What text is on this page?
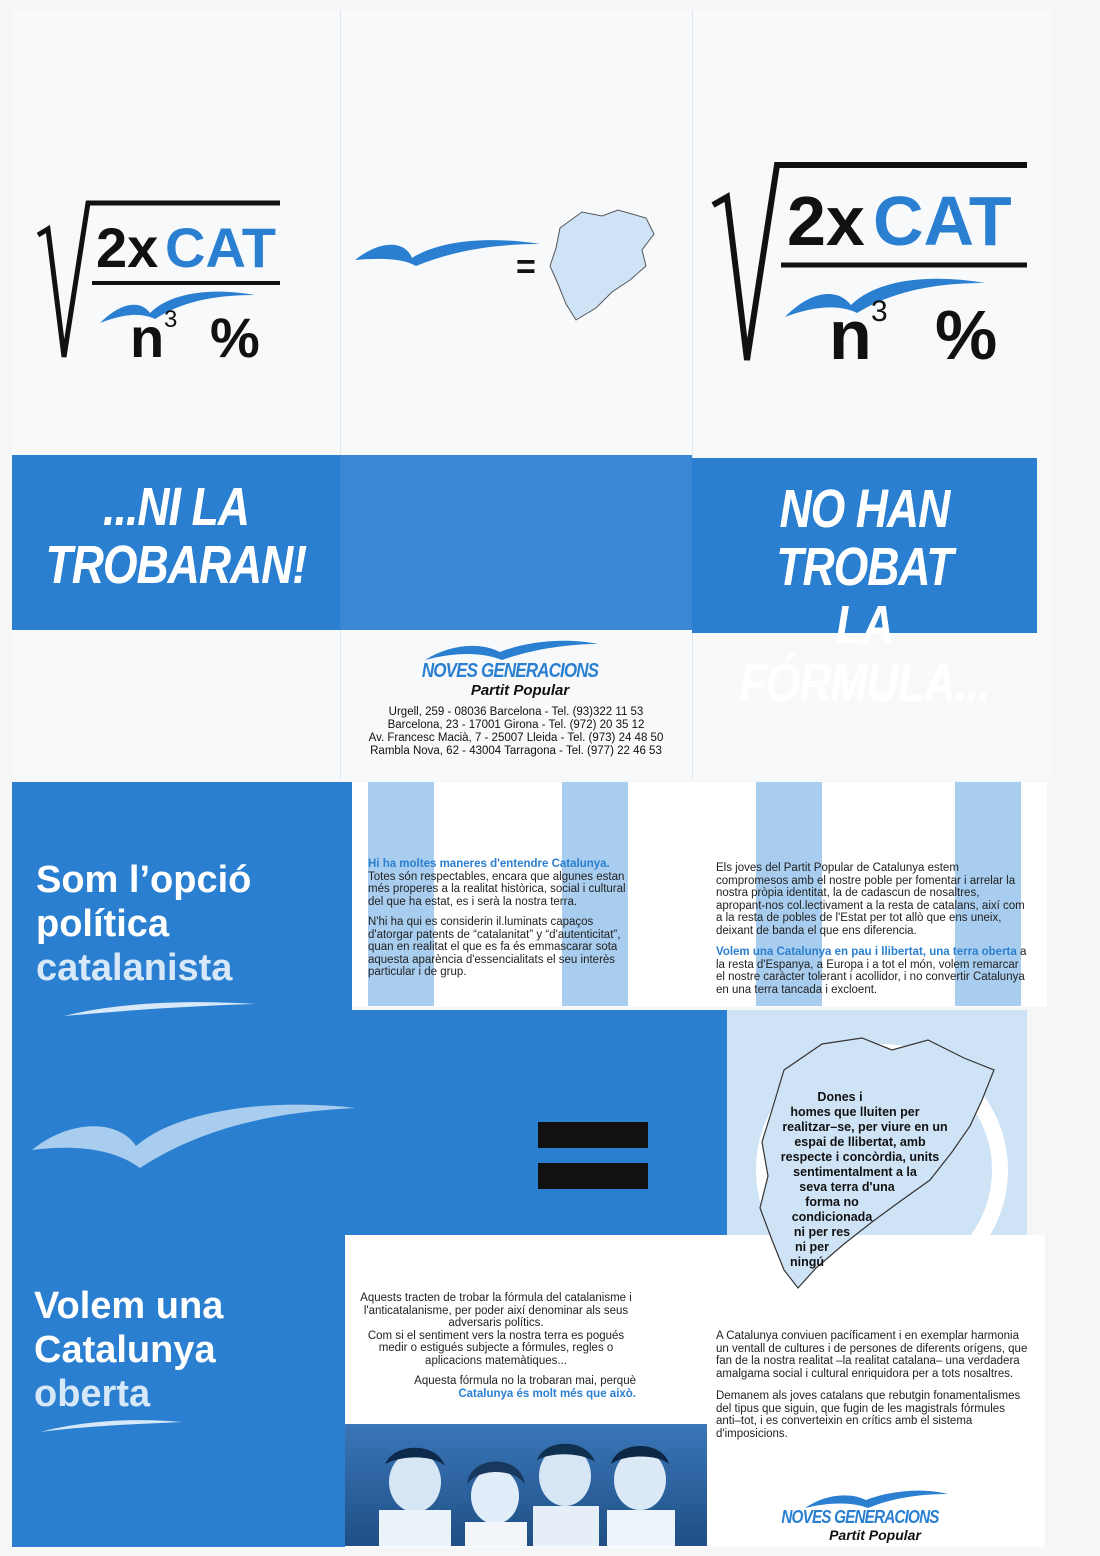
2x CAT
n 3 %
=
2x CAT
n 3 %
...NI LA
TROBARAN!
NO HAN TROBAT
LA FÓRMULA...
NOVES GENERACIONS
Partit Popular
Urgell, 259 - 08036 Barcelona - Tel. (93)322 11 53
Barcelona, 23 - 17001 Girona - Tel. (972) 20 35 12
Av. Francesc Macià, 7 - 25007 Lleida - Tel. (973) 24 48 50
Rambla Nova, 62 - 43004 Tarragona - Tel. (977) 22 46 53
Som l’opció
política
catalanista
Volem una
Catalunya
oberta

Hi ha moltes maneres d'entendre Catalunya. Totes són respectables, encara que algunes estan més properes a la realitat històrica, social i cultural del que ha estat, es i serà la nostra terra.

N'hi ha qui es considerin il.luminats capaços d'atorgar patents de “catalanitat” y “d'autenticitat”, quan en realitat el que es fa és emmascarar sota aquesta aparència d'essencialitats el seu interès particular i de grup.

Els joves del Partit Popular de Catalunya estem compromesos amb el nostre poble per fomentar i arrelar la nostra pròpia identitat, la de cadascun de nosaltres, apropant-nos col.lectivament a la resta de catalans, així com a la resta de pobles de l'Estat per tot allò que ens uneix, deixant de banda el que ens diferencia.

Volem una Catalunya en pau i llibertat, una terra oberta a la resta d'Espanya, a Europa i a tot el món, volem remarcar el nostre caràcter tolerant i acollidor, i no convertir Catalunya en una terra tancada i excloent.

Dones i
homes que lluiten per
realitzar–se, per viure en un
espai de llibertat, amb
respecte i concòrdia, units
sentimentalment a la
seva terra d'una
forma no
condicionada
ni per res
ni per
ningú

Aquests tracten de trobar la fórmula del catalanisme i l'anticatalanisme, per poder així denominar als seus adversaris polítics.

Com si el sentiment vers la nostra terra es pogués medir o estigués subjecte a fórmules, regles o aplicacions matemàtiques...

Aquesta fórmula no la trobaran mai, perquè
Catalunya és molt més que això.

A Catalunya conviuen pacíficament i en exemplar harmonia un ventall de cultures i de persones de diferents orígens, que fan de la nostra realitat –la realitat catalana– una verdadera amalgama social i cultural enriquidora per a tots nosaltres.

Demanem als joves catalans que rebutgin fonamentalismes del tipus que siguin, que fugin de les magistrals fórmules anti–tot, i es converteixin en crítics amb el sistema d'imposicions.

NOVES GENERACIONS
Partit Popular
